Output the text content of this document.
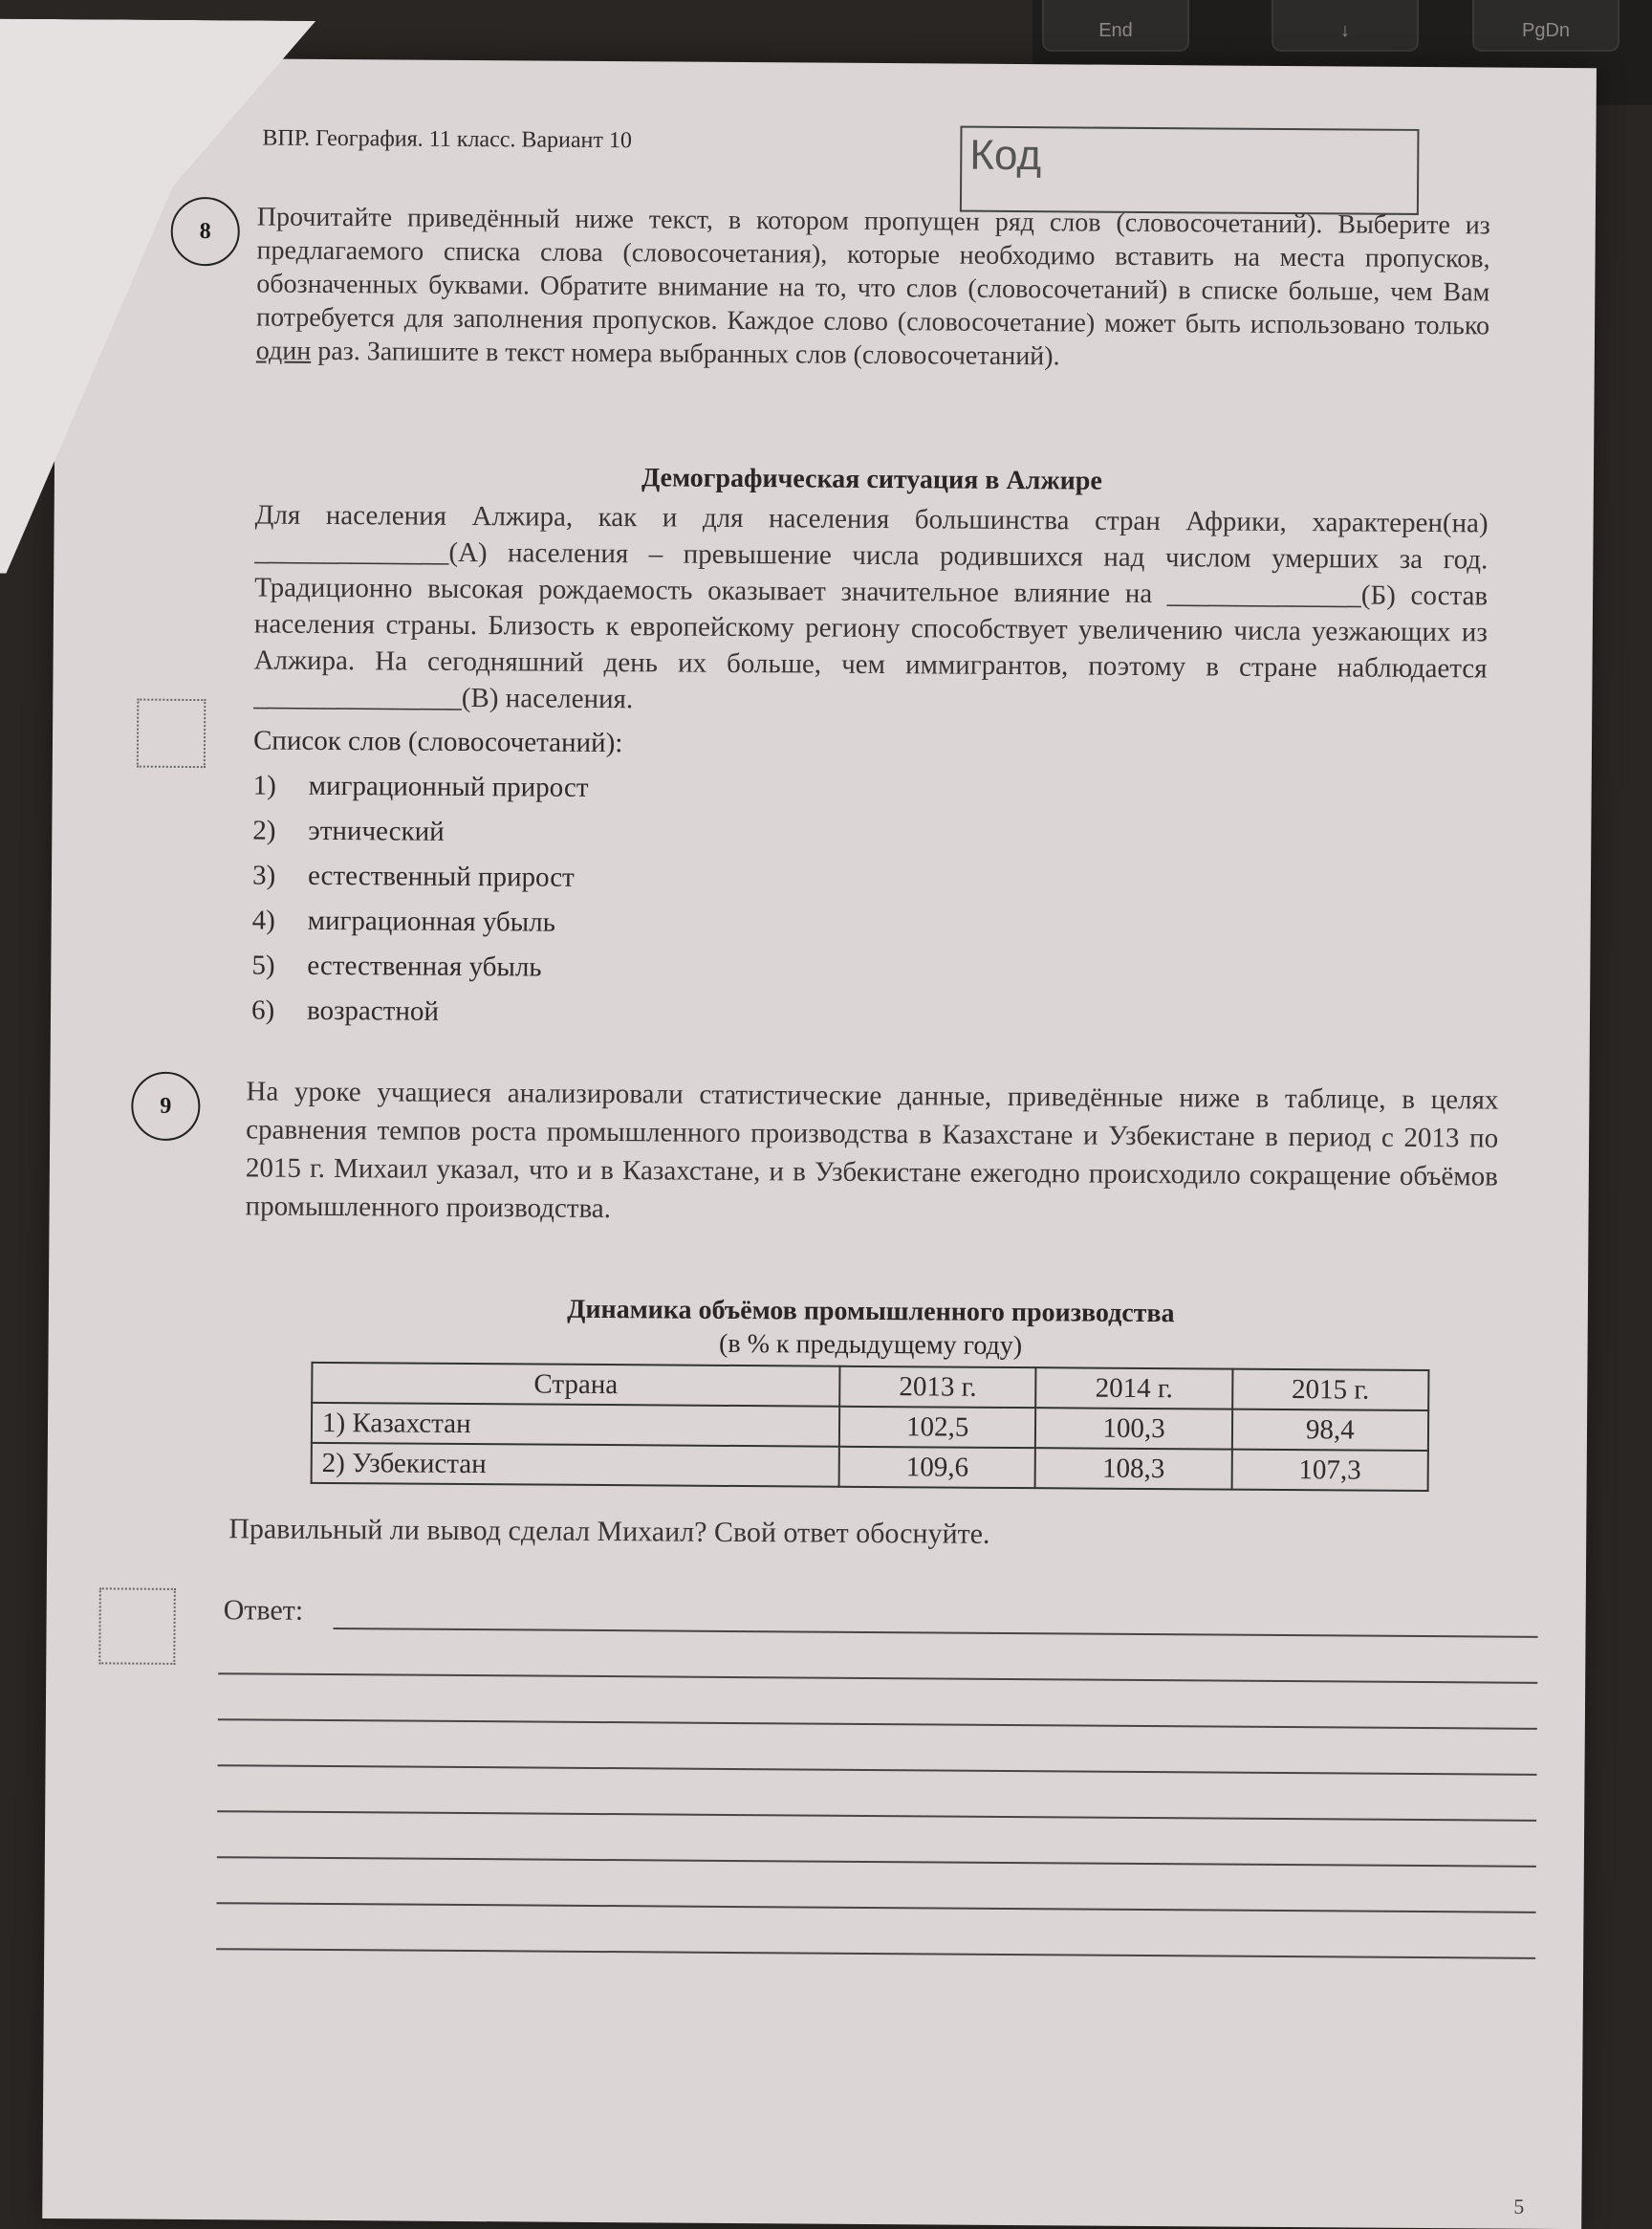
End	↓	PgDn
ВПР. География. 11 класс. Вариант 10	Код
8	Прочитайте приведённый ниже текст, в котором пропущен ряд слов (словосочетаний). Выберите из предлагаемого списка слова (словосочетания), которые необходимо вставить на места пропусков, обозначенных буквами. Обратите внимание на то, что слов (словосочетаний) в списке больше, чем Вам потребуется для заполнения пропусков. Каждое слово (словосочетание) может быть использовано только один раз. Запишите в текст номера выбранных слов (словосочетаний).
Демографическая ситуация в Алжире
Для населения Алжира, как и для населения большинства стран Африки, характерен(на) ______________(А) населения – превышение числа родившихся над числом умерших за год. Традиционно высокая рождаемость оказывает значительное влияние на ______________(Б) состав населения страны. Близость к европейскому региону способствует увеличению числа уезжающих из Алжира. На сегодняшний день их больше, чем иммигрантов, поэтому в стране наблюдается _______________(В) населения.
Список слов (словосочетаний):
1)	миграционный прирост
2)	этнический
3)	естественный прирост
4)	миграционная убыль
5)	естественная убыль
6)	возрастной
9	На уроке учащиеся анализировали статистические данные, приведённые ниже в таблице, в целях сравнения темпов роста промышленного производства в Казахстане и Узбекистане в период с 2013 по 2015 г. Михаил указал, что и в Казахстане, и в Узбекистане ежегодно происходило сокращение объёмов промышленного производства.
Динамика объёмов промышленного производства
(в % к предыдущему году)
Страна	2013 г.	2014 г.	2015 г.
1) Казахстан	102,5	100,3	98,4
2) Узбекистан	109,6	108,3	107,3
Правильный ли вывод сделал Михаил? Свой ответ обоснуйте.
Ответ:
5
